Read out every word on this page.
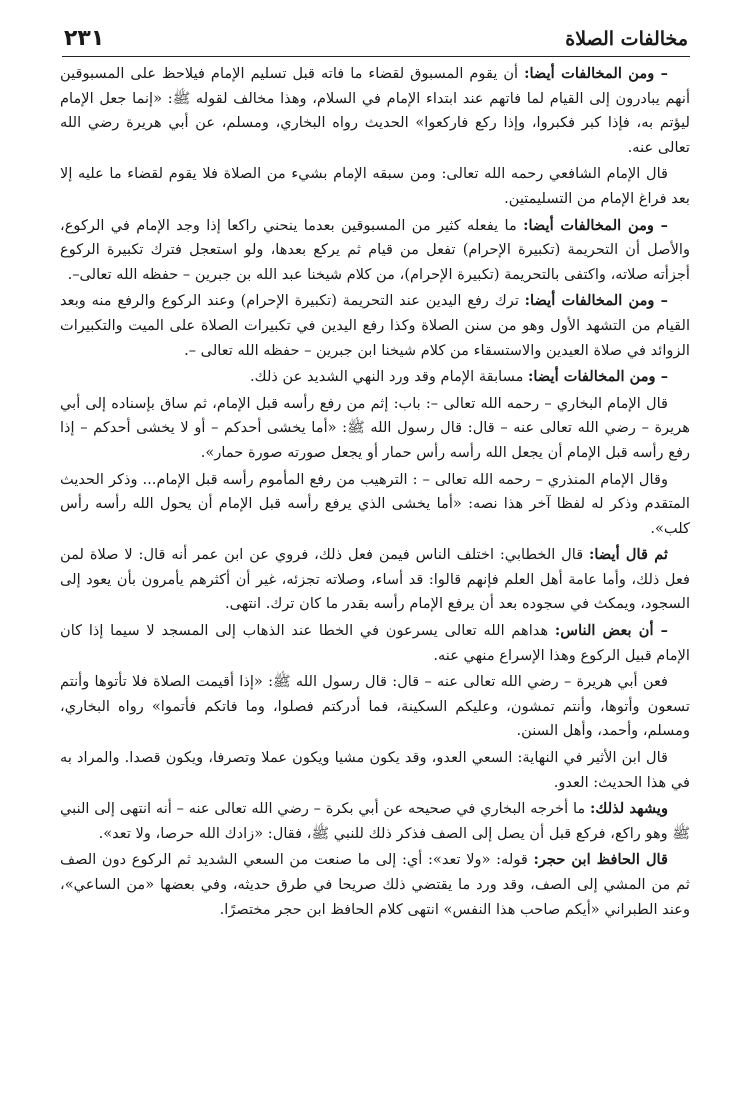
مخالفات الصلاة
٢٣١

– ومن المخالفات أيضا: أن يقوم المسبوق لقضاء ما فاته قبل تسليم الإمام فيلاحظ على المسبوقين أنهم يبادرون إلى القيام لما فاتهم عند ابتداء الإمام في السلام، وهذا مخالف لقوله ﷺ: «إنما جعل الإمام ليؤتم به، فإذا كبر فكبروا، وإذا ركع فاركعوا» الحديث رواه البخاري، ومسلم، عن أبي هريرة رضي الله تعالى عنه.

قال الإمام الشافعي رحمه الله تعالى: ومن سبقه الإمام بشيء من الصلاة فلا يقوم لقضاء ما عليه إلا بعد فراغ الإمام من التسليمتين.

– ومن المخالفات أيضا: ما يفعله كثير من المسبوقين بعدما ينحني راكعا إذا وجد الإمام في الركوع، والأصل أن التحريمة (تكبيرة الإحرام) تفعل من قيام ثم يركع بعدها، ولو استعجل فترك تكبيرة الركوع أجزأته صلاته، واكتفى بالتحريمة (تكبيرة الإحرام)، من كلام شيخنا عبد الله بن جبرين – حفظه الله تعالى–.

– ومن المخالفات أيضا: ترك رفع اليدين عند التحريمة (تكبيرة الإحرام) وعند الركوع والرفع منه وبعد القيام من التشهد الأول وهو من سنن الصلاة وكذا رفع اليدين في تكبيرات الصلاة على الميت والتكبيرات الزوائد في صلاة العيدين والاستسقاء من كلام شيخنا ابن جبرين – حفظه الله تعالى –.

– ومن المخالفات أيضا: مسابقة الإمام وقد ورد النهي الشديد عن ذلك.

قال الإمام البخاري – رحمه الله تعالى –: باب: إثم من رفع رأسه قبل الإمام، ثم ساق بإسناده إلى أبي هريرة – رضي الله تعالى عنه – قال: قال رسول الله ﷺ: «أما يخشى أحدكم – أو لا يخشى أحدكم – إذا رفع رأسه قبل الإمام أن يجعل الله رأسه رأس حمار أو يجعل صورته صورة حمار».

وقال الإمام المنذري – رحمه الله تعالى – : الترهيب من رفع المأموم رأسه قبل الإمام... وذكر الحديث المتقدم وذكر له لفظا آخر هذا نصه: «أما يخشى الذي يرفع رأسه قبل الإمام أن يحول الله رأسه رأس كلب».

ثم قال أيضا: قال الخطابي: اختلف الناس فيمن فعل ذلك، فروي عن ابن عمر أنه قال: لا صلاة لمن فعل ذلك، وأما عامة أهل العلم فإنهم قالوا: قد أساء، وصلاته تجزئه، غير أن أكثرهم يأمرون بأن يعود إلى السجود، ويمكث في سجوده بعد أن يرفع الإمام رأسه بقدر ما كان ترك. انتهى.

– أن بعض الناس: هداهم الله تعالى يسرعون في الخطا عند الذهاب إلى المسجد لا سيما إذا كان الإمام قبيل الركوع وهذا الإسراع منهي عنه.

فعن أبي هريرة – رضي الله تعالى عنه – قال: قال رسول الله ﷺ: «إذا أقيمت الصلاة فلا تأتوها وأنتم تسعون وأتوها، وأنتم تمشون، وعليكم السكينة، فما أدركتم فصلوا، وما فاتكم فأتموا» رواه البخاري، ومسلم، وأحمد، وأهل السنن.

قال ابن الأثير في النهاية: السعي العدو، وقد يكون مشيا ويكون عملا وتصرفا، ويكون قصدا. والمراد به في هذا الحديث: العدو.

ويشهد لذلك: ما أخرجه البخاري في صحيحه عن أبي بكرة – رضي الله تعالى عنه – أنه انتهى إلى النبي ﷺ وهو راكع، فركع قبل أن يصل إلى الصف فذكر ذلك للنبي ﷺ، فقال: «زادك الله حرصا، ولا تعد».

قال الحافظ ابن حجر: قوله: «ولا تعد»: أي: إلى ما صنعت من السعي الشديد ثم الركوع دون الصف ثم من المشي إلى الصف، وقد ورد ما يقتضي ذلك صريحا في طرق حديثه، وفي بعضها «من الساعي»، وعند الطبراني «أيكم صاحب هذا النفس» انتهى كلام الحافظ ابن حجر مختصرًا.
